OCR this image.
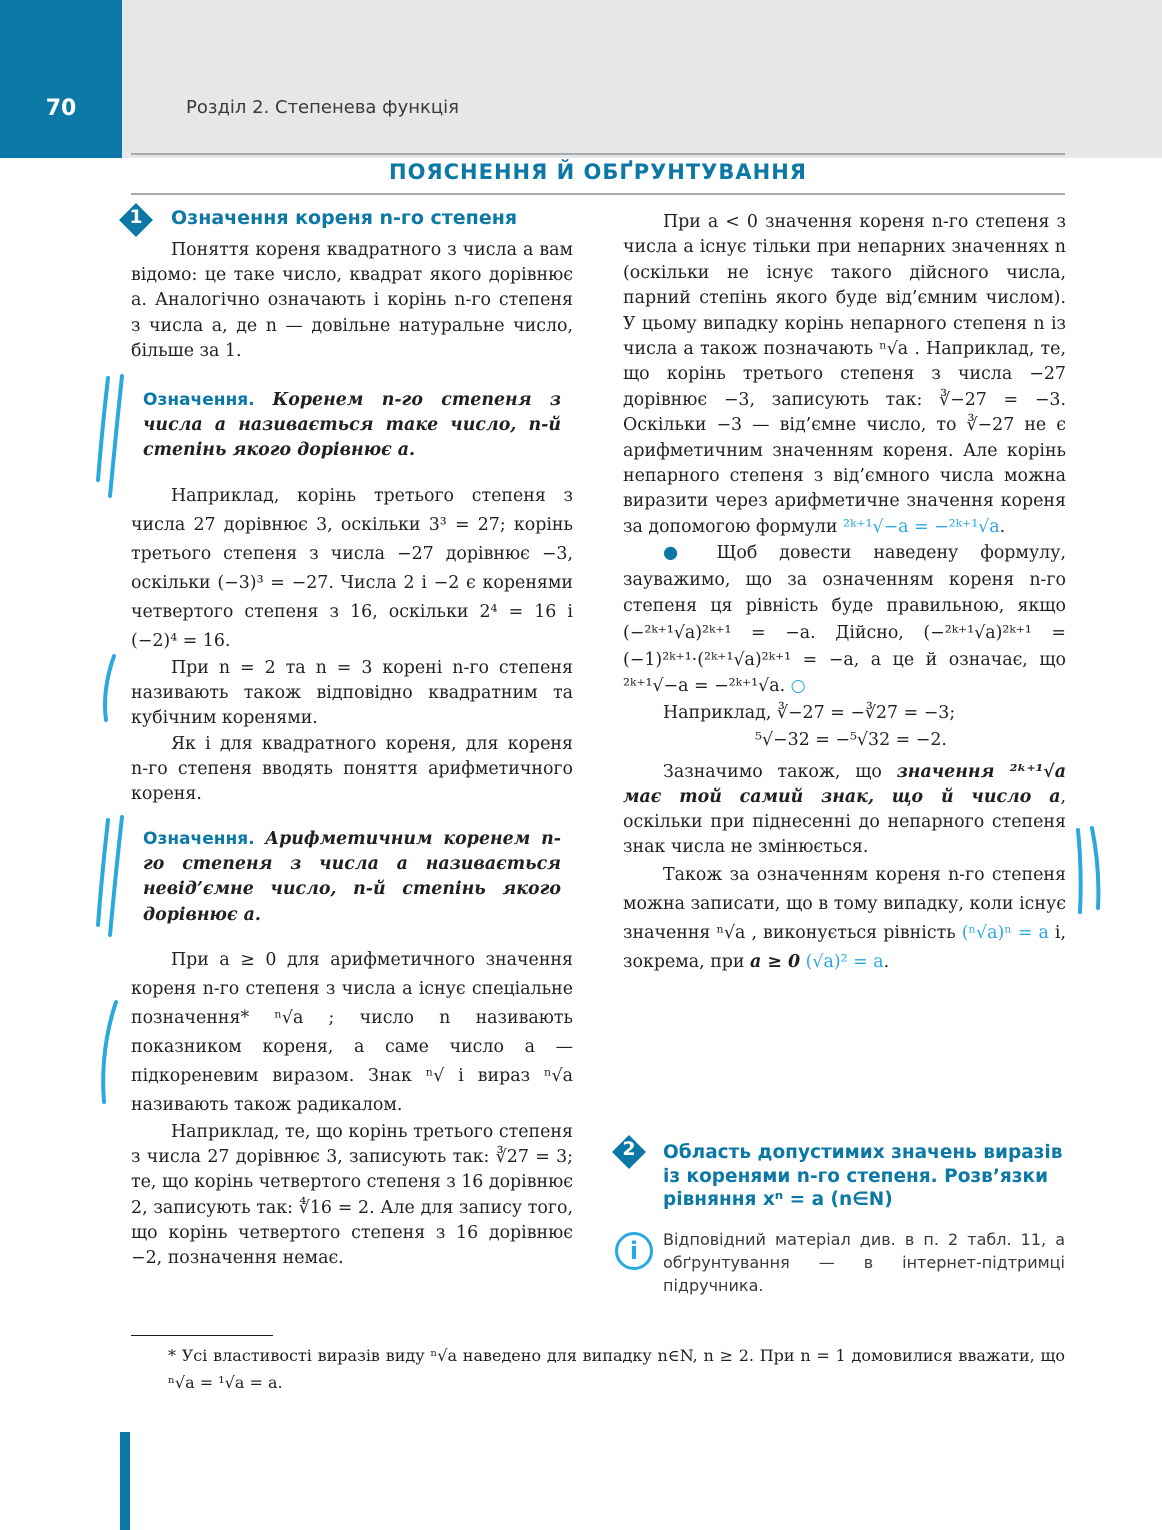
70	Розділ 2. Степенева функція
ПОЯСНЕННЯ Й ОБҐРУНТУВАННЯ
1	Означення кореня n-го степеня

Поняття кореня квадратного з числа a вам відомо: це таке число, квадрат якого дорівнює a. Аналогічно означають і корінь n-го степеня з числа a, де n — довільне натуральне число, більше за 1.

Означення. Коренем n-го степеня з числа a називається таке число, n-й степінь якого дорівнює a.

Наприклад, корінь третього степеня з числа 27 дорівнює 3, оскільки 3³ = 27; корінь третього степеня з числа −27 дорівнює −3, оскільки (−3)³ = −27. Числа 2 і −2 є коренями четвертого степеня з 16, оскільки 2⁴ = 16 і (−2)⁴ = 16.

При n = 2 та n = 3 корені n-го степеня називають також відповідно квадратним та кубічним коренями.

Як і для квадратного кореня, для кореня n-го степеня вводять поняття арифметичного кореня.

Означення. Арифметичним коренем n-го степеня з числа a називається невід’ємне число, n-й степінь якого дорівнює a.

При a ≥ 0 для арифметичного значення кореня n-го степеня з числа a існує спеціальне позначення* ⁿ√a ; число n називають показником кореня, а саме число a — підкореневим виразом. Знак ⁿ√ і вираз ⁿ√a називають також радикалом.

Наприклад, те, що корінь третього степеня з числа 27 дорівнює 3, записують так: ∛27 = 3; те, що корінь четвертого степеня з 16 дорівнює 2, записують так: ∜16 = 2. Але для запису того, що корінь четвертого степеня з 16 дорівнює −2, позначення немає.

При a < 0 значення кореня n-го степеня з числа a існує тільки при непарних значеннях n (оскільки не існує такого дійсного числа, парний степінь якого буде від’ємним числом). У цьому випадку корінь непарного степеня n із числа a також позначають ⁿ√a . Наприклад, те, що корінь третього степеня з числа −27 дорівнює −3, записують так: ∛−27 = −3. Оскільки −3 — від’ємне число, то ∛−27 не є арифметичним значенням кореня. Але корінь непарного степеня з від’ємного числа можна виразити через арифметичне значення кореня за допомогою формули ²ᵏ⁺¹√−a = −²ᵏ⁺¹√a.

● Щоб довести наведену формулу, зауважимо, що за означенням кореня n-го степеня ця рівність буде правильною, якщо (−²ᵏ⁺¹√a)²ᵏ⁺¹ = −a. Дійсно, (−²ᵏ⁺¹√a)²ᵏ⁺¹ = (−1)²ᵏ⁺¹·(²ᵏ⁺¹√a)²ᵏ⁺¹ = −a, а це й означає, що ²ᵏ⁺¹√−a = −²ᵏ⁺¹√a. ○

Наприклад, ∛−27 = −∛27 = −3;
⁵√−32 = −⁵√32 = −2.

Зазначимо також, що значення ²ᵏ⁺¹√a має той самий знак, що й число a, оскільки при піднесенні до непарного степеня знак числа не змінюється.

Також за означенням кореня n-го степеня можна записати, що в тому випадку, коли існує значення ⁿ√a , виконується рівність (ⁿ√a)ⁿ = a і, зокрема, при a ≥ 0 (√a)² = a.

2	Область допустимих значень виразів
із коренями n-го степеня. Розв’язки
рівняння xⁿ = a (n∈N)
i	Відповідний матеріал див. в п. 2 табл. 11, а обґрунтування — в інтернет-підтримці підручника.
* Усі властивості виразів виду ⁿ√a наведено для випадку n∈N, n ≥ 2. При n = 1 домовилися вважати, що ⁿ√a = ¹√a = a.
